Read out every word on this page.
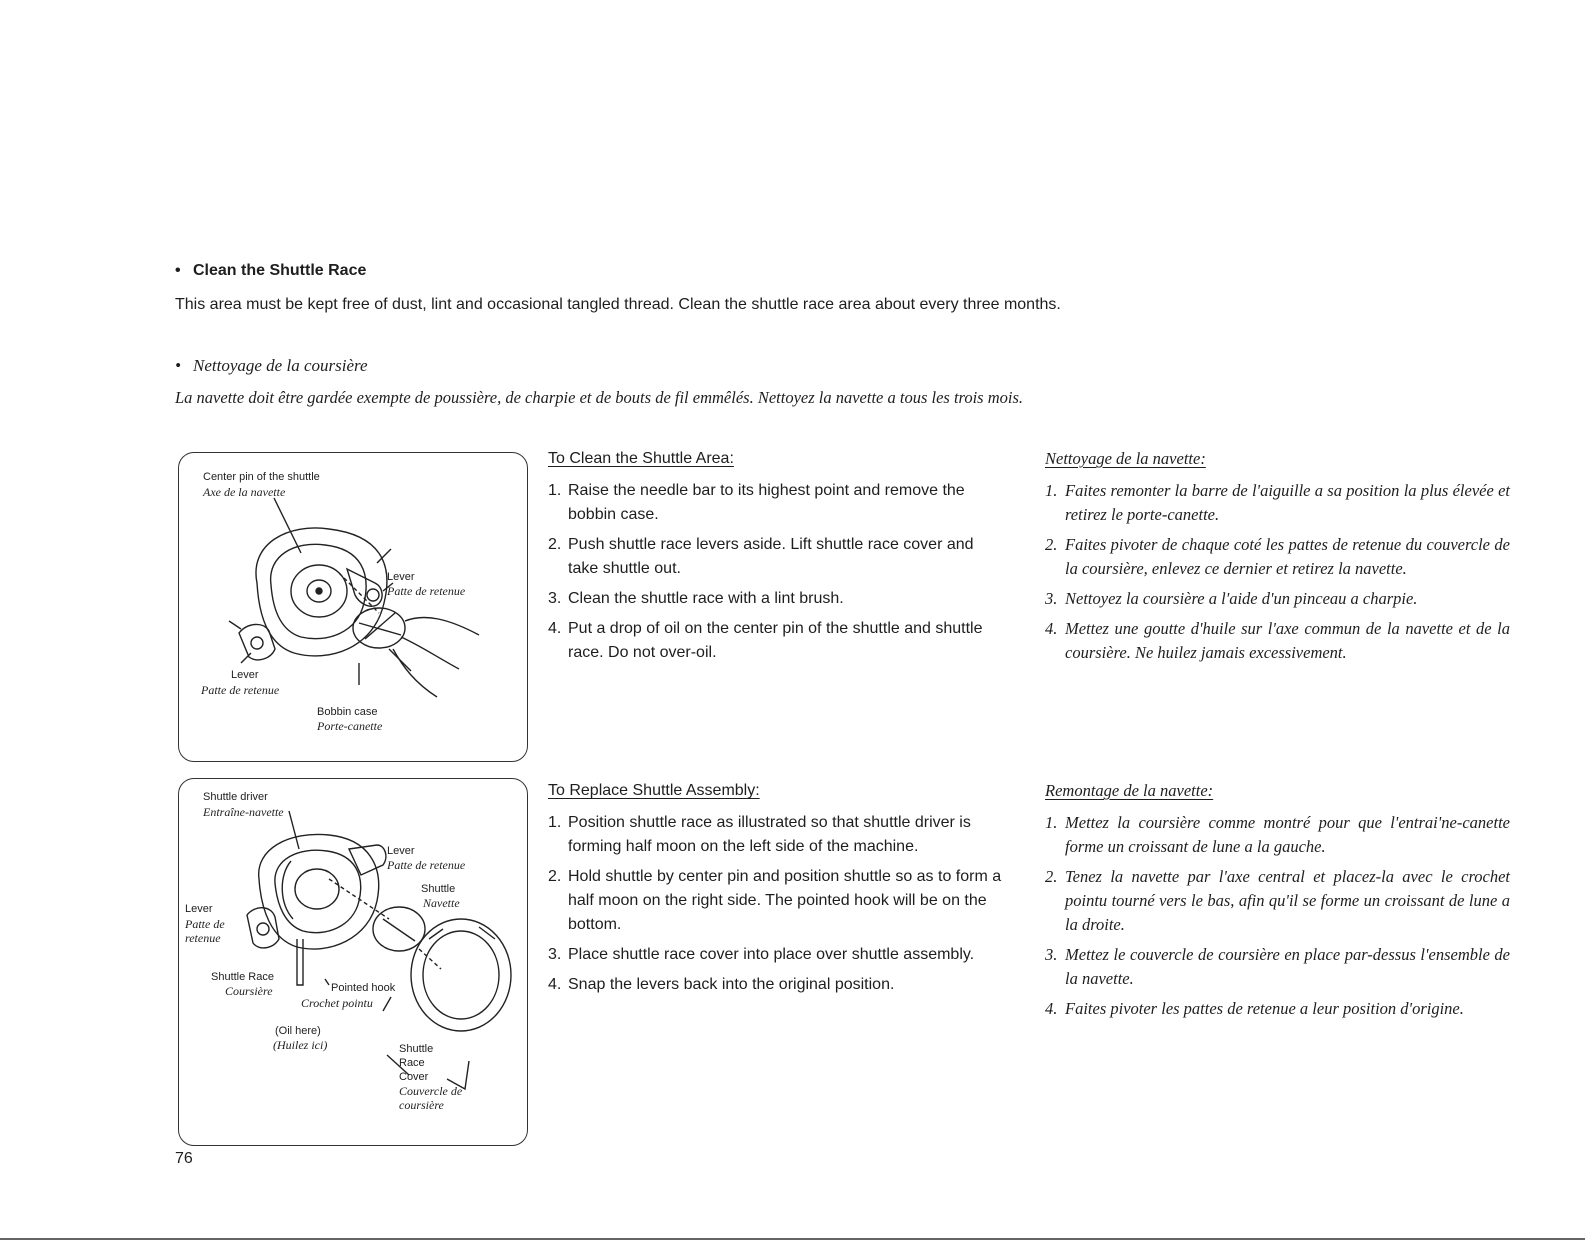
• Clean the Shuttle Race
This area must be kept free of dust, lint and occasional tangled thread. Clean the shuttle race area about every three months.
• Nettoyage de la coursière
La navette doit être gardée exempte de poussière, de charpie et de bouts de fil emmêlés. Nettoyez la navette a tous les trois mois.
Center pin of the shuttle
Axe de la navette
Lever
Patte de retenue
Lever
Patte de retenue
Bobbin case
Porte-canette
Shuttle driver
Entraîne-navette
Lever
Patte de retenue
Shuttle
Navette
Lever
Patte de
retenue
Shuttle Race
Coursière	Pointed hook
Crochet pointu
(Oil here)
(Huilez ici)	Shuttle
Race
Cover
Couvercle de
coursière
To Clean the Shuttle Area:
1. Raise the needle bar to its highest point and remove the bobbin case.
2. Push shuttle race levers aside. Lift shuttle race cover and take shuttle out.
3. Clean the shuttle race with a lint brush.
4. Put a drop of oil on the center pin of the shuttle and shuttle race. Do not over-oil.
Nettoyage de la navette:
1. Faites remonter la barre de l'aiguille a sa position la plus élevée et retirez le porte-canette.
2. Faites pivoter de chaque coté les pattes de retenue du couvercle de la coursière, enlevez ce dernier et retirez la navette.
3. Nettoyez la coursière a l'aide d'un pinceau a charpie.
4. Mettez une goutte d'huile sur l'axe commun de la navette et de la coursière. Ne huilez jamais excessivement.
To Replace Shuttle Assembly:
1. Position shuttle race as illustrated so that shuttle driver is forming half moon on the left side of the machine.
2. Hold shuttle by center pin and position shuttle so as to form a half moon on the right side. The pointed hook will be on the bottom.
3. Place shuttle race cover into place over shuttle assembly.
4. Snap the levers back into the original position.
Remontage de la navette:
1. Mettez la coursière comme montré pour que l'entrai'ne-canette forme un croissant de lune a la gauche.
2. Tenez la navette par l'axe central et placez-la avec le crochet pointu tourné vers le bas, afin qu'il se forme un croissant de lune a la droite.
3. Mettez le couvercle de coursière en place par-dessus l'ensemble de la navette.
4. Faites pivoter les pattes de retenue a leur position d'origine.
76
